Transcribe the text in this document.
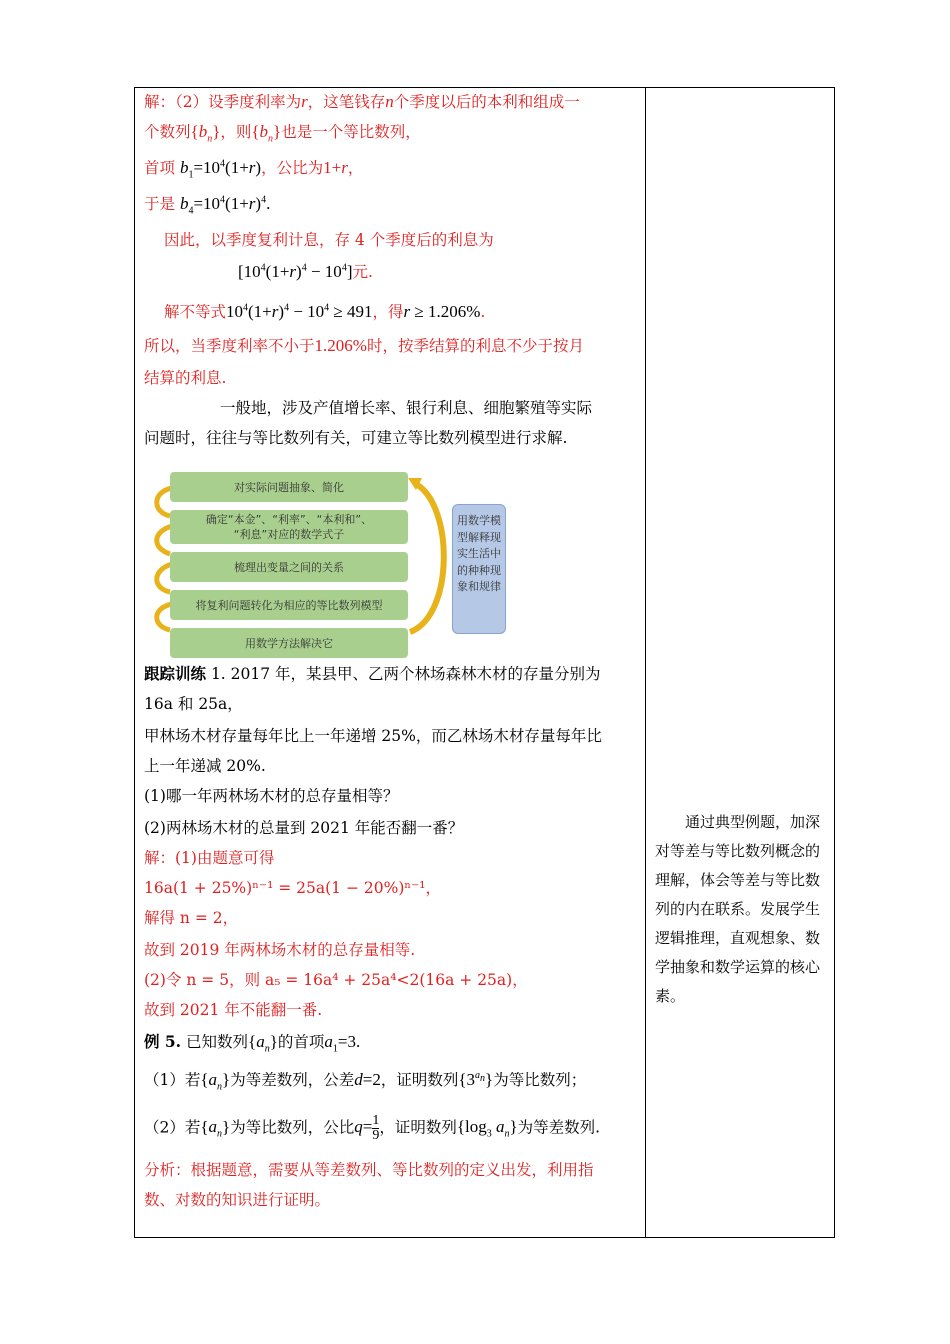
解：（2）设季度利率为r，这笔钱存n个季度以后的本利和组成一
个数列$\{b_n\}$，则$\{b_n\}$也是一个等比数列，
首项 $b_1=10^4(1+r)$，公比为1+r，
于是 $b_4=10^4(1+r)^4$.
因此，以季度复利计息，存 4 个季度后的利息为
$[10^4(1+r)^4 - 10^4]$元.
解不等式$10^4(1+r)^4 - 10^4 \ge 491$，得r ≥ 1.206%.
所以，当季度利率不小于1.206%时，按季结算的利息不少于按月
结算的利息.
一般地，涉及产值增长率、银行利息、细胞繁殖等实际
问题时，往往与等比数列有关，可建立等比数列模型进行求解.
对实际问题抽象、简化
确定“本金”、“利率”、“本利和”、
“利息”对应的数学式子
梳理出变量之间的关系
将复利问题转化为相应的等比数列模型
用数学方法解决它
用数学模型解释现实生活中的种种现象和规律
跟踪训练 1. 2017 年，某县甲、乙两个林场森林木材的存量分别为
16a 和 25a，
甲林场木材存量每年比上一年递增 25%，而乙林场木材存量每年比
上一年递减 20%.
(1)哪一年两林场木材的总存量相等？
(2)两林场木材的总量到 2021 年能否翻一番？
解：(1)由题意可得
16a(1 + 25%)ⁿ⁻¹ = 25a(1 − 20%)ⁿ⁻¹，
解得 n = 2，
故到 2019 年两林场木材的总存量相等.
(2)令 n = 5，则 a₅ = 16a⁴ + 25a⁴<2(16a + 25a)，
故到 2021 年不能翻一番.
例 5. 已知数列$\{a_n\}$的首项$a_1=3$.
（1）若$\{a_n\}$为等差数列，公差d=2，证明数列$\{3^{a_n}\}$为等比数列；
（2）若$\{a_n\}$为等比数列，公比$q= \frac{1}{9}$ ，证明数列{$\log_3$ $a_n$}为等差数列.
分析：根据题意，需要从等差数列、等比数列的定义出发，利用指
数、对数的知识进行证明。

通过典型例题，加深对等差与等比数列概念的理解，体会等差与等比数列的内在联系。发展学生逻辑推理，直观想象、数学抽象和数学运算的核心素。
